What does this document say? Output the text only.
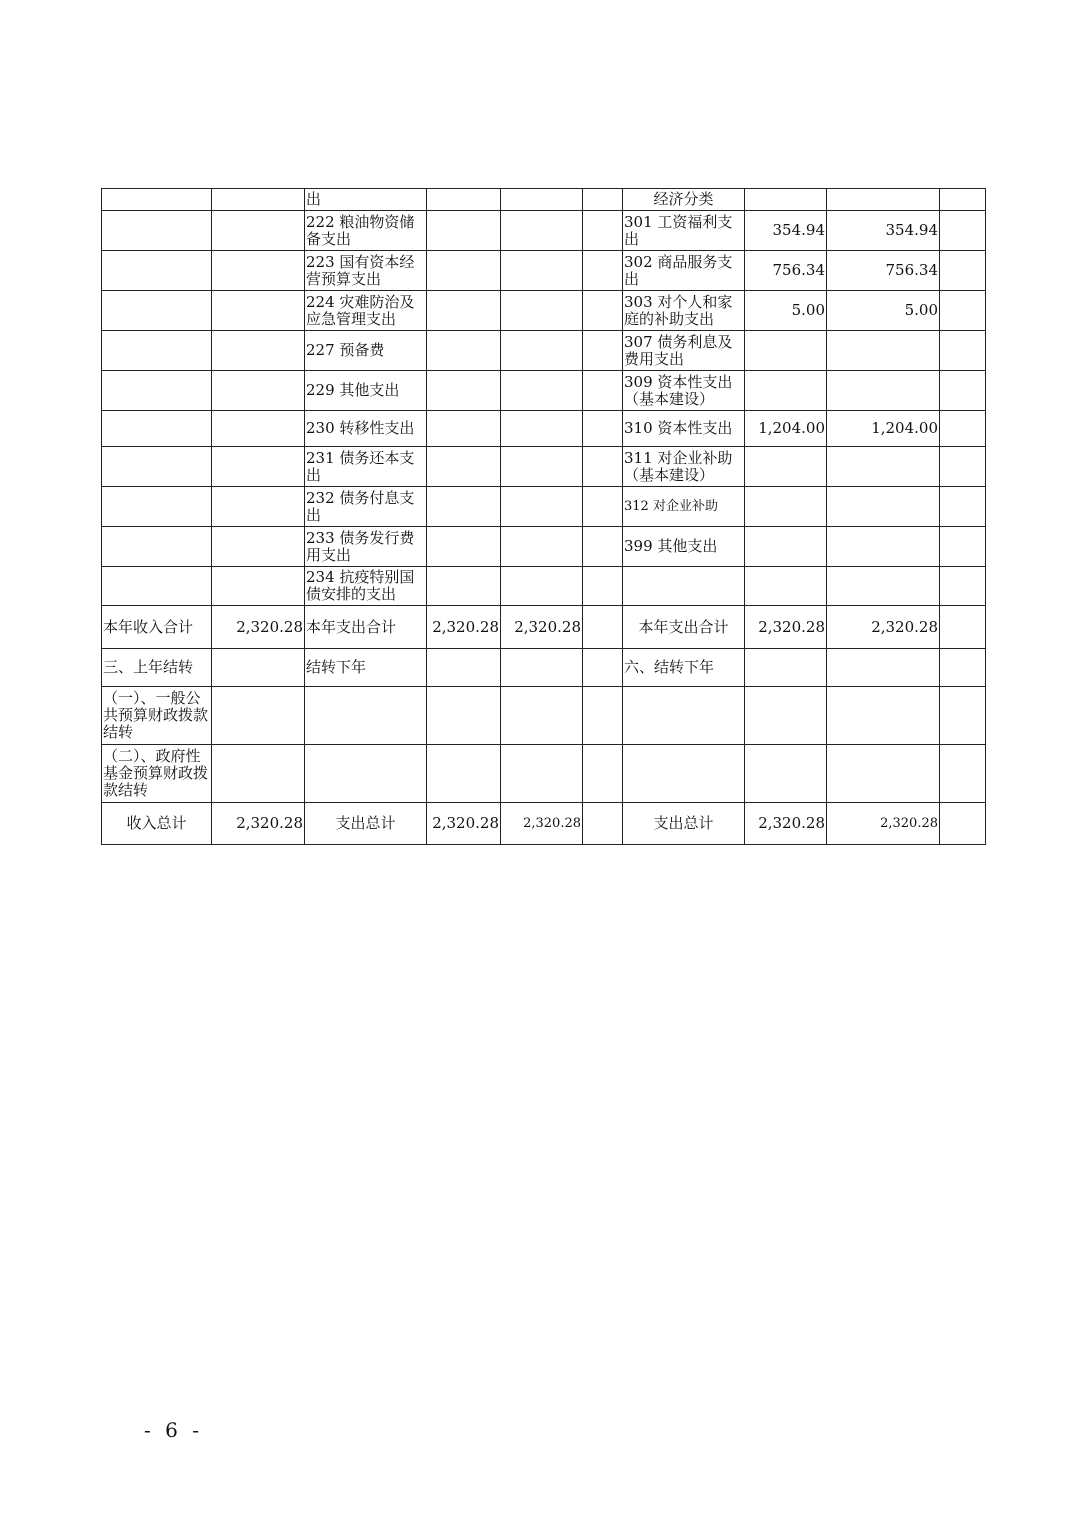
		出				经济分类			
		222 粮油物资储备支出				301 工资福利支出	354.94	354.94	
		223 国有资本经营预算支出				302 商品服务支出	756.34	756.34	
		224 灾难防治及应急管理支出				303 对个人和家庭的补助支出	5.00	5.00	
		227 预备费				307 债务利息及费用支出			
		229 其他支出				309 资本性支出（基本建设）			
		230 转移性支出				310 资本性支出	1,204.00	1,204.00	
		231 债务还本支出				311 对企业补助（基本建设）			
		232 债务付息支出				312 对企业补助			
		233 债务发行费用支出				399 其他支出			
		234 抗疫特别国债安排的支出							
本年收入合计	2,320.28	本年支出合计	2,320.28	2,320.28		本年支出合计	2,320.28	2,320.28	
三、上年结转		结转下年				六、结转下年			
（一）、一般公共预算财政拨款结转									
（二）、政府性基金预算财政拨款结转									
收入总计	2,320.28	支出总计	2,320.28	2,320.28		支出总计	2,320.28	2,320.28	
- 6 -
